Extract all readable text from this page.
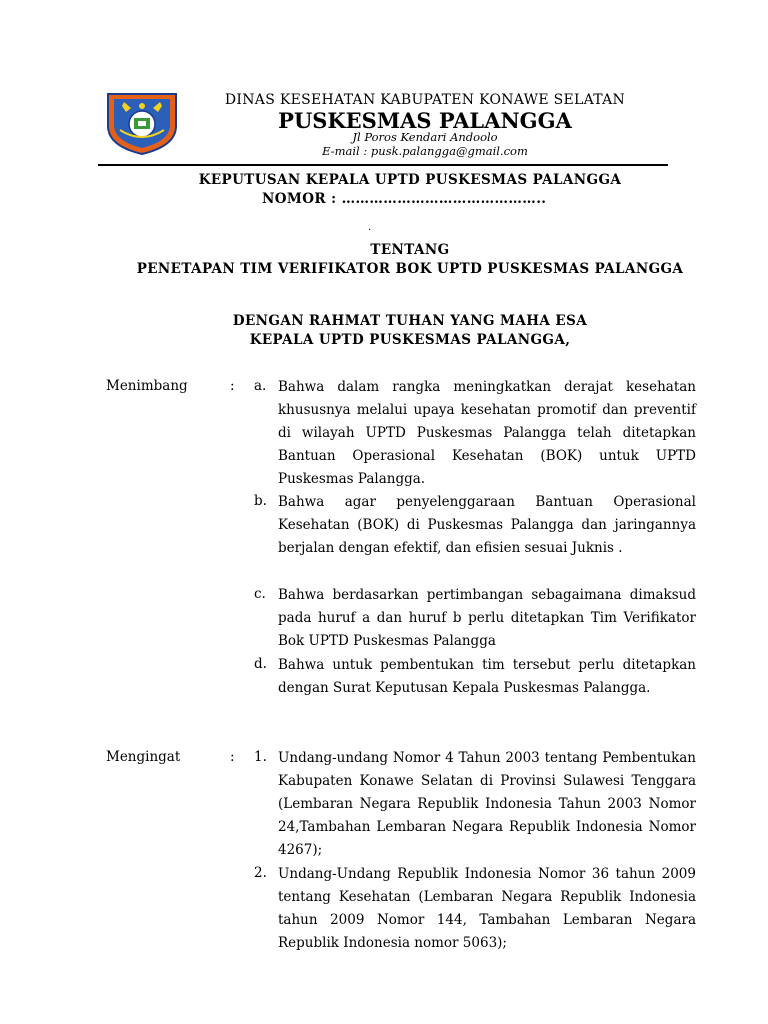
DINAS KESEHATAN KABUPATEN KONAWE SELATAN
PUSKESMAS PALANGGA
Jl Poros Kendari Andoolo
E-mail : pusk.palangga@gmail.com
KEPUTUSAN KEPALA UPTD PUSKESMAS PALANGGA
NOMOR : ……………………………………..
.
TENTANG
PENETAPAN TIM VERIFIKATOR BOK UPTD PUSKESMAS PALANGGA
DENGAN RAHMAT TUHAN YANG MAHA ESA
KEPALA UPTD PUSKESMAS PALANGGA,
Menimbang	: a. Bahwa dalam rangka meningkatkan derajat kesehatan khususnya melalui upaya kesehatan promotif dan preventif di wilayah UPTD Puskesmas Palangga telah ditetapkan Bantuan Operasional Kesehatan (BOK) untuk UPTD Puskesmas Palangga.
b. Bahwa agar penyelenggaraan Bantuan Operasional Kesehatan (BOK) di Puskesmas Palangga dan jaringannya berjalan dengan efektif, dan efisien sesuai Juknis .
c. Bahwa berdasarkan pertimbangan sebagaimana dimaksud pada huruf a dan huruf b perlu ditetapkan Tim Verifikator Bok UPTD Puskesmas Palangga
d. Bahwa untuk pembentukan tim tersebut perlu ditetapkan dengan Surat Keputusan Kepala Puskesmas Palangga.
Mengingat	: 1. Undang-undang Nomor 4 Tahun 2003 tentang Pembentukan Kabupaten Konawe Selatan di Provinsi Sulawesi Tenggara (Lembaran Negara Republik Indonesia Tahun 2003 Nomor 24,Tambahan Lembaran Negara Republik Indonesia Nomor 4267);
2. Undang-Undang Republik Indonesia Nomor 36 tahun 2009 tentang Kesehatan (Lembaran Negara Republik Indonesia tahun 2009 Nomor 144, Tambahan Lembaran Negara Republik Indonesia nomor 5063);
